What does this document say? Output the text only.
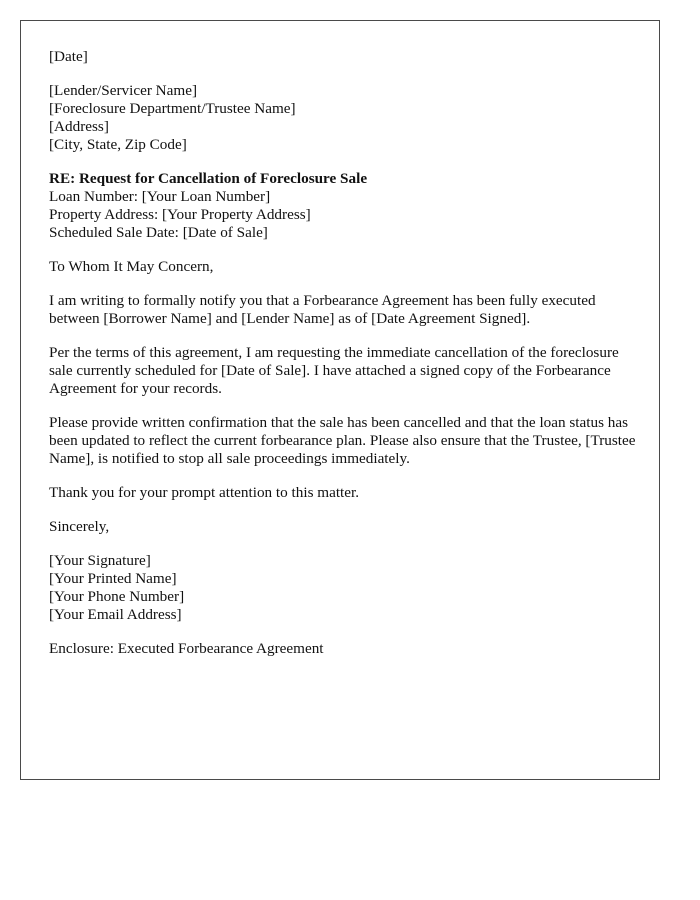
[Date]
[Lender/Servicer Name]
[Foreclosure Department/Trustee Name]
[Address]
[City, State, Zip Code]
RE: Request for Cancellation of Foreclosure Sale
Loan Number: [Your Loan Number]
Property Address: [Your Property Address]
Scheduled Sale Date: [Date of Sale]
To Whom It May Concern,

I am writing to formally notify you that a Forbearance Agreement has been fully executed between [Borrower Name] and [Lender Name] as of [Date Agreement Signed].

Per the terms of this agreement, I am requesting the immediate cancellation of the foreclosure sale currently scheduled for [Date of Sale]. I have attached a signed copy of the Forbearance Agreement for your records.

Please provide written confirmation that the sale has been cancelled and that the loan status has been updated to reflect the current forbearance plan. Please also ensure that the Trustee, [Trustee Name], is notified to stop all sale proceedings immediately.

Thank you for your prompt attention to this matter.

Sincerely,
[Your Signature]
[Your Printed Name]
[Your Phone Number]
[Your Email Address]
Enclosure: Executed Forbearance Agreement
